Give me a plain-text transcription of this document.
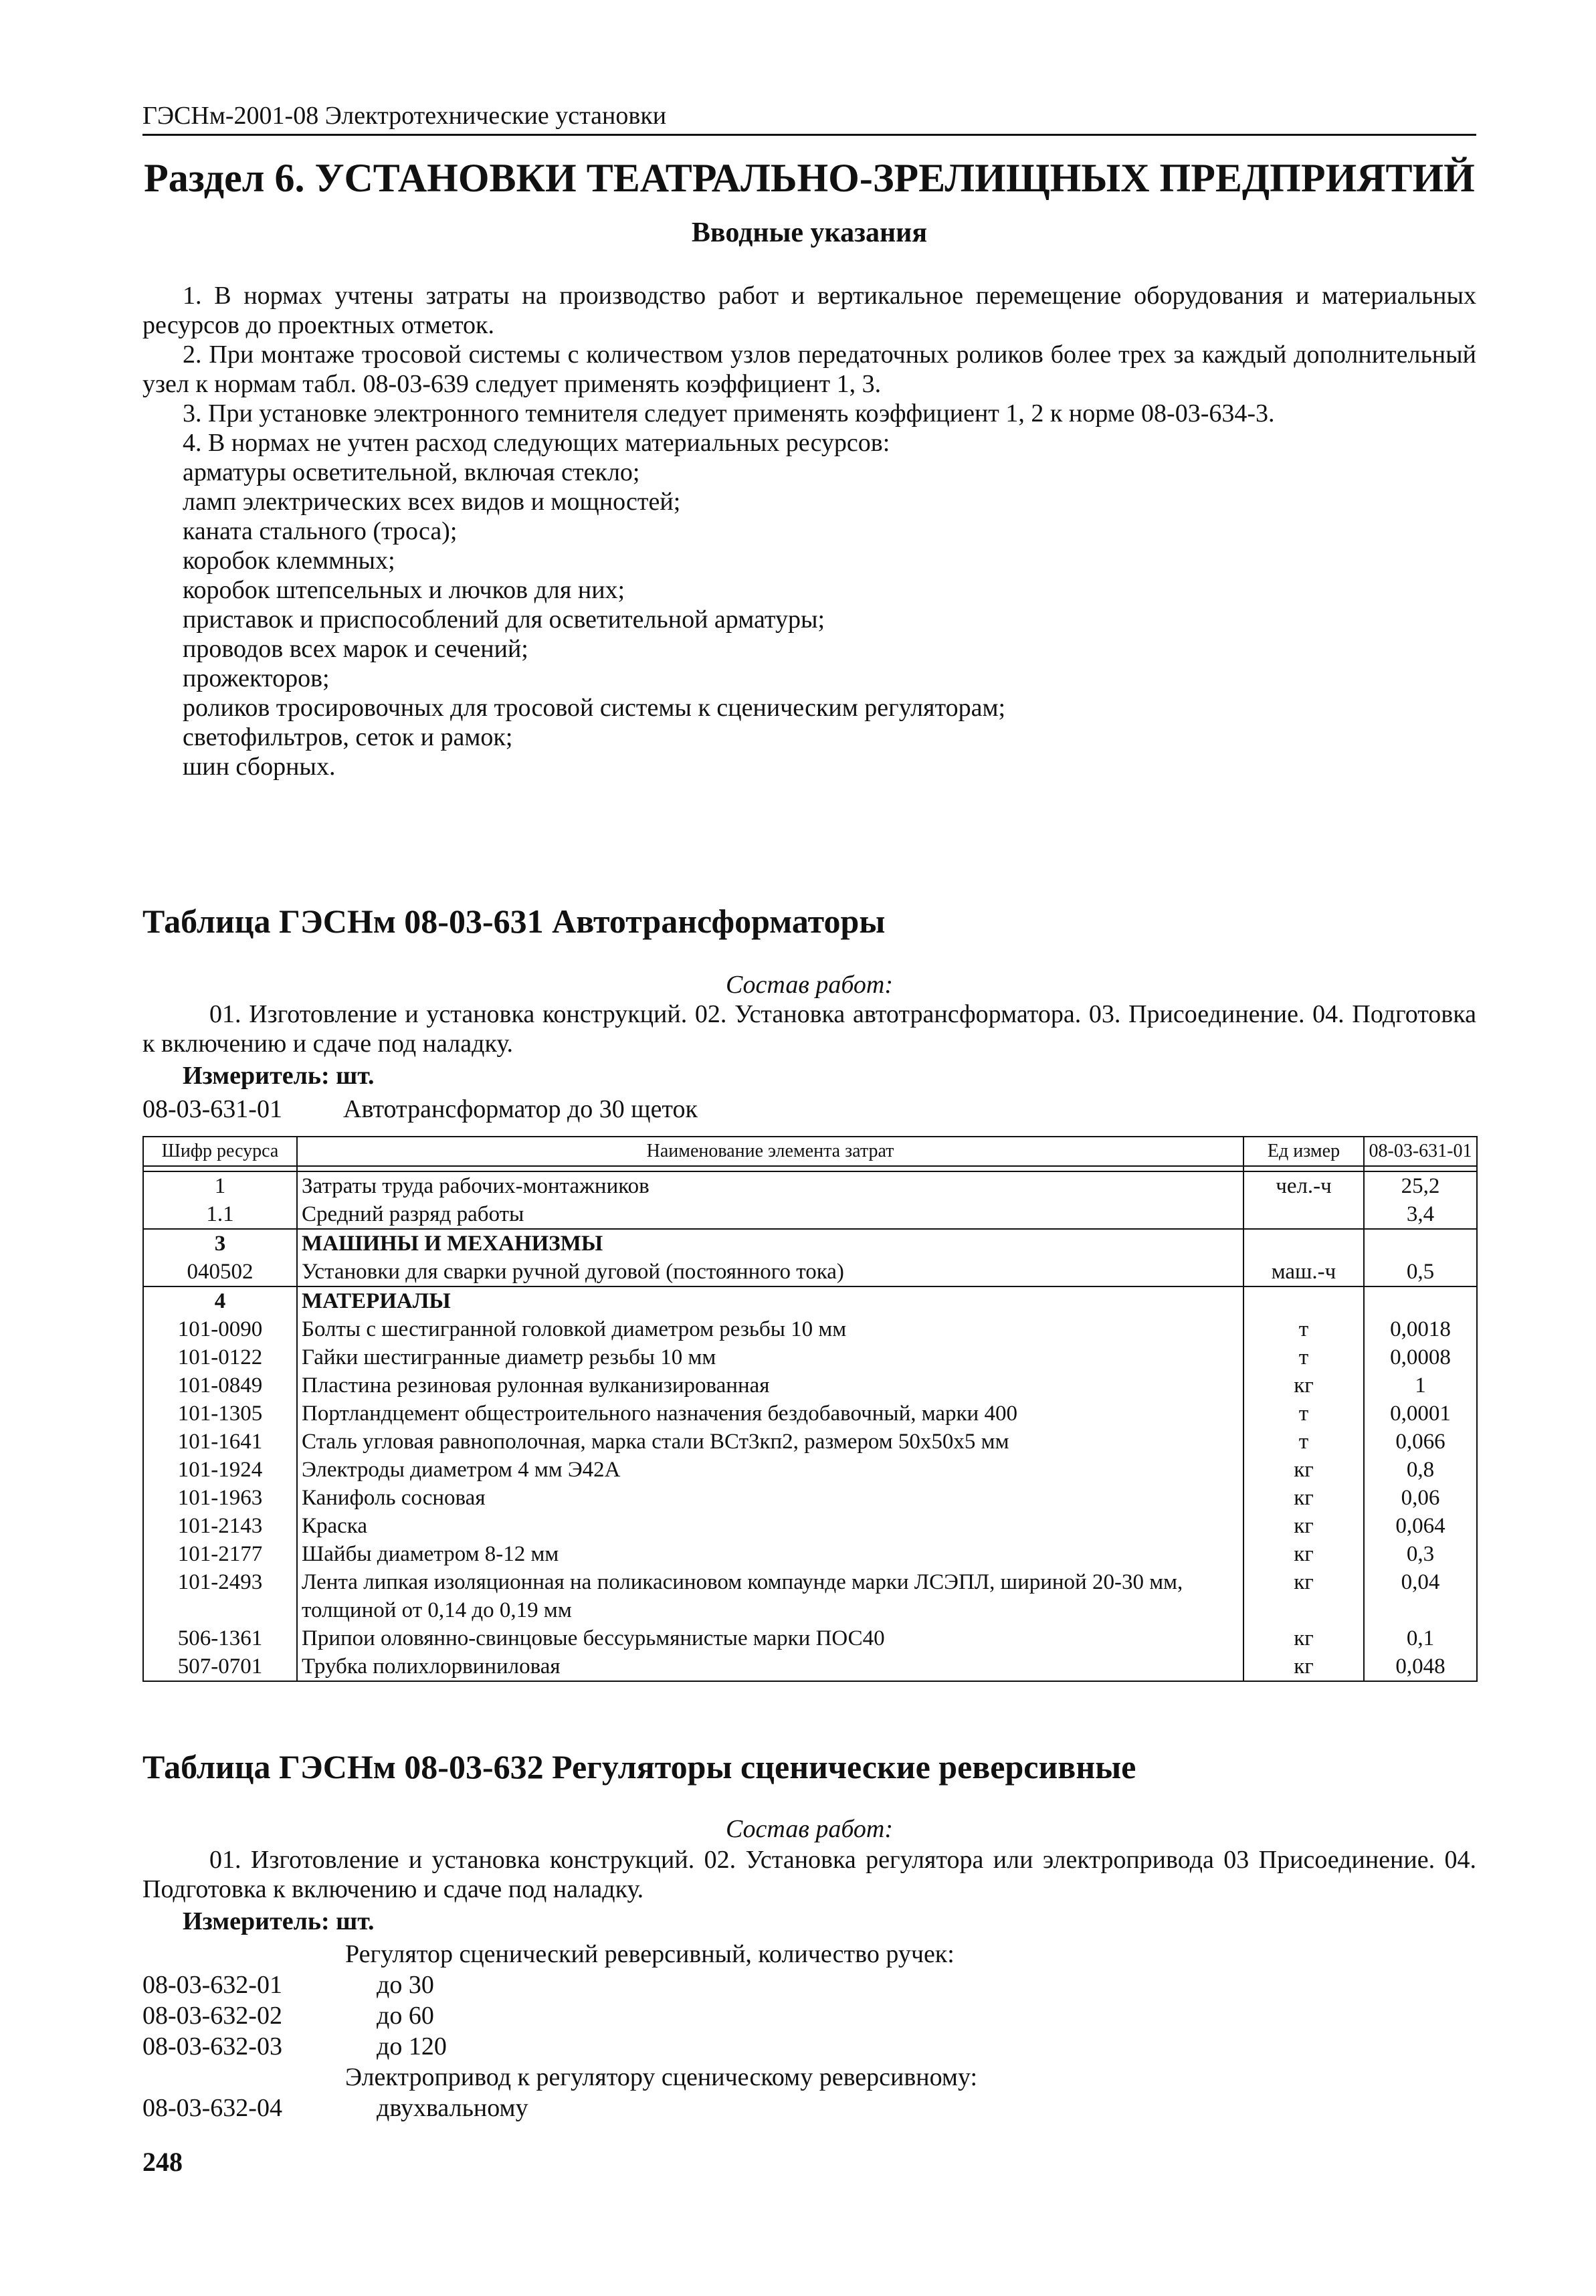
ГЭСНм-2001-08 Электротехнические установки
Раздел 6. УСТАНОВКИ ТЕАТРАЛЬНО-ЗРЕЛИЩНЫХ ПРЕДПРИЯТИЙ
Вводные указания

1. В нормах учтены затраты на производство работ и вертикальное перемещение оборудования и материальных ресурсов до проектных отметок.

2. При монтаже тросовой системы с количеством узлов передаточных роликов более трех за каждый дополнительный узел к нормам табл. 08-03-639 следует применять коэффициент 1, 3.

3. При установке электронного темнителя следует применять коэффициент 1, 2 к норме 08-03-634-3.

4. В нормах не учтен расход следующих материальных ресурсов:

арматуры осветительной, включая стекло;
ламп электрических всех видов и мощностей;
каната стального (троса);
коробок клеммных;
коробок штепсельных и лючков для них;
приставок и приспособлений для осветительной арматуры;
проводов всех марок и сечений;
прожекторов;
роликов тросировочных для тросовой системы к сценическим регуляторам;
светофильтров, сеток и рамок;
шин сборных.
Таблица ГЭСНм 08-03-631 Автотрансформаторы
Состав работ:

01. Изготовление и установка конструкций. 02. Установка автотрансформатора. 03. Присоединение. 04. Подготовка к включению и сдаче под наладку.

Измеритель: шт.
08-03-631-01 Автотрансформатор до 30 щеток
Шифр ресурса	Наименование элемента затрат	Ед измер	08-03-631-01

1	Затраты труда рабочих-монтажников	чел.-ч	25,2
1.1	Средний разряд работы		3,4
3	МАШИНЫ И МЕХАНИЗМЫ		
040502	Установки для сварки ручной дуговой (постоянного тока)	маш.-ч	0,5
4	МАТЕРИАЛЫ		
101-0090	Болты с шестигранной головкой диаметром резьбы 10 мм	т	0,0018
101-0122	Гайки шестигранные диаметр резьбы 10 мм	т	0,0008
101-0849	Пластина резиновая рулонная вулканизированная	кг	1
101-1305	Портландцемент общестроительного назначения бездобавочный, марки 400	т	0,0001
101-1641	Сталь угловая равнополочная, марка стали ВСт3кп2, размером 50x50x5 мм	т	0,066
101-1924	Электроды диаметром 4 мм Э42А	кг	0,8
101-1963	Канифоль сосновая	кг	0,06
101-2143	Краска	кг	0,064
101-2177	Шайбы диаметром 8-12 мм	кг	0,3
101-2493	Лента липкая изоляционная на поликасиновом компаунде марки ЛСЭПЛ, шириной 20-30 мм, толщиной от 0,14 до 0,19 мм	кг	0,04
506-1361	Припои оловянно-свинцовые бессурьмянистые марки ПОС40	кг	0,1
507-0701	Трубка полихлорвиниловая	кг	0,048
Таблица ГЭСНм 08-03-632 Регуляторы сценические реверсивные
Состав работ:

01. Изготовление и установка конструкций. 02. Установка регулятора или электропривода 03 Присоединение. 04. Подготовка к включению и сдаче под наладку.

Измеритель: шт.
Регулятор сценический реверсивный, количество ручек:
08-03-632-01	до 30
08-03-632-02	до 60
08-03-632-03	до 120
Электропривод к регулятору сценическому реверсивному:
08-03-632-04	двухвальному
248
